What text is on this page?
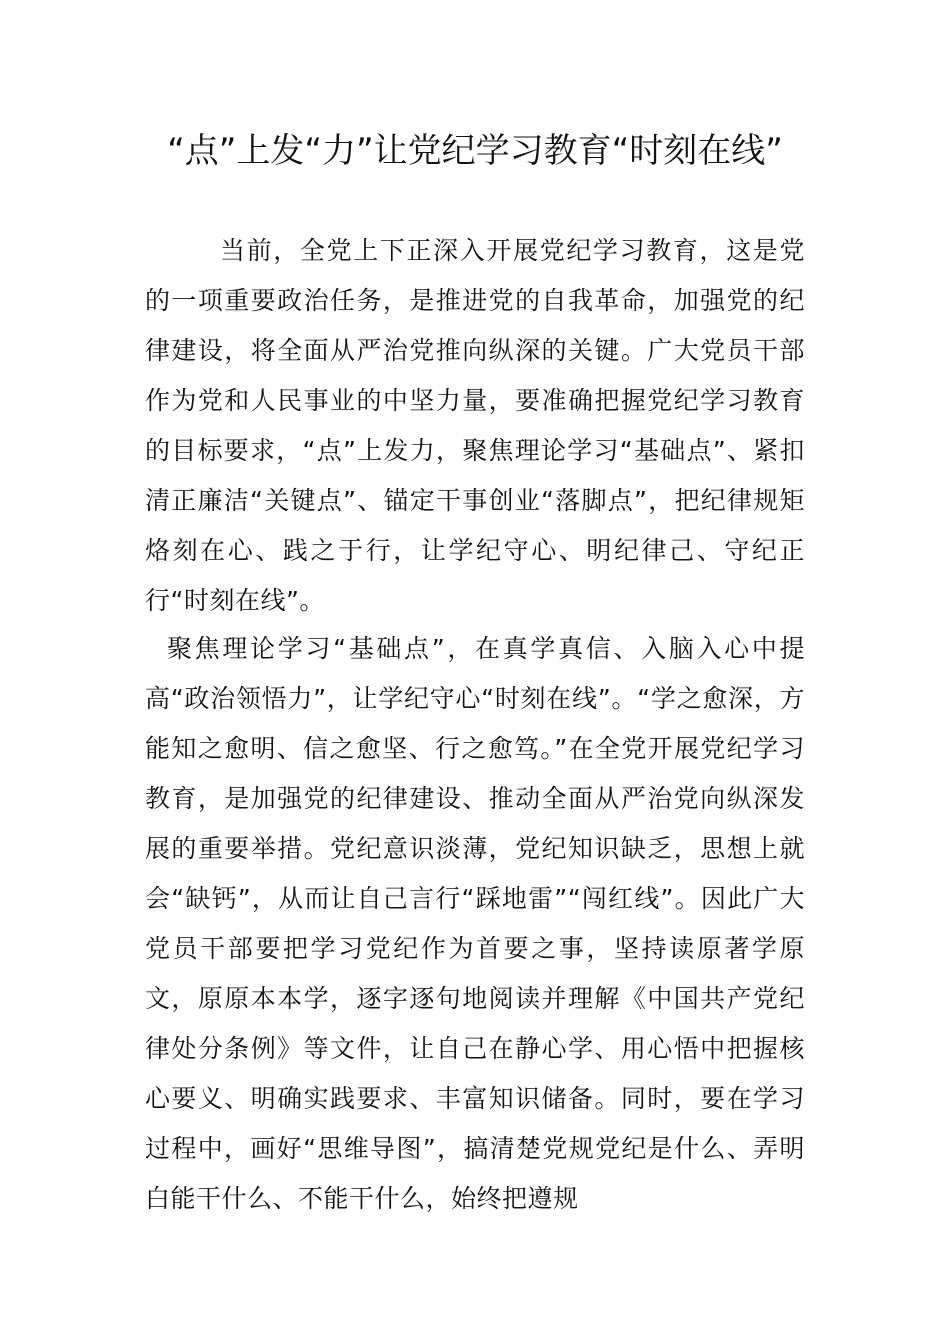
“点”上发“力”让党纪学习教育“时刻在线”

当前，全党上下正深入开展党纪学习教育，这是党的一项重要政治任务，是推进党的自我革命，加强党的纪律建设，将全面从严治党推向纵深的关键。广大党员干部作为党和人民事业的中坚力量，要准确把握党纪学习教育的目标要求，“点”上发力，聚焦理论学习“基础点”、紧扣清正廉洁“关键点”、锚定干事创业“落脚点”，把纪律规矩烙刻在心、践之于行，让学纪守心、明纪律己、守纪正行“时刻在线”。

聚焦理论学习“基础点”，在真学真信、入脑入心中提高“政治领悟力”，让学纪守心“时刻在线”。“学之愈深，方能知之愈明、信之愈坚、行之愈笃。”在全党开展党纪学习教育，是加强党的纪律建设、推动全面从严治党向纵深发展的重要举措。党纪意识淡薄，党纪知识缺乏，思想上就会“缺钙”，从而让自己言行“踩地雷”“闯红线”。因此广大党员干部要把学习党纪作为首要之事，坚持读原著学原文，原原本本学，逐字逐句地阅读并理解《中国共产党纪律处分条例》等文件，让自己在静心学、用心悟中把握核心要义、明确实践要求、丰富知识储备。同时，要在学习过程中，画好“思维导图”，搞清楚党规党纪是什么、弄明白能干什么、不能干什么，始终把遵规
